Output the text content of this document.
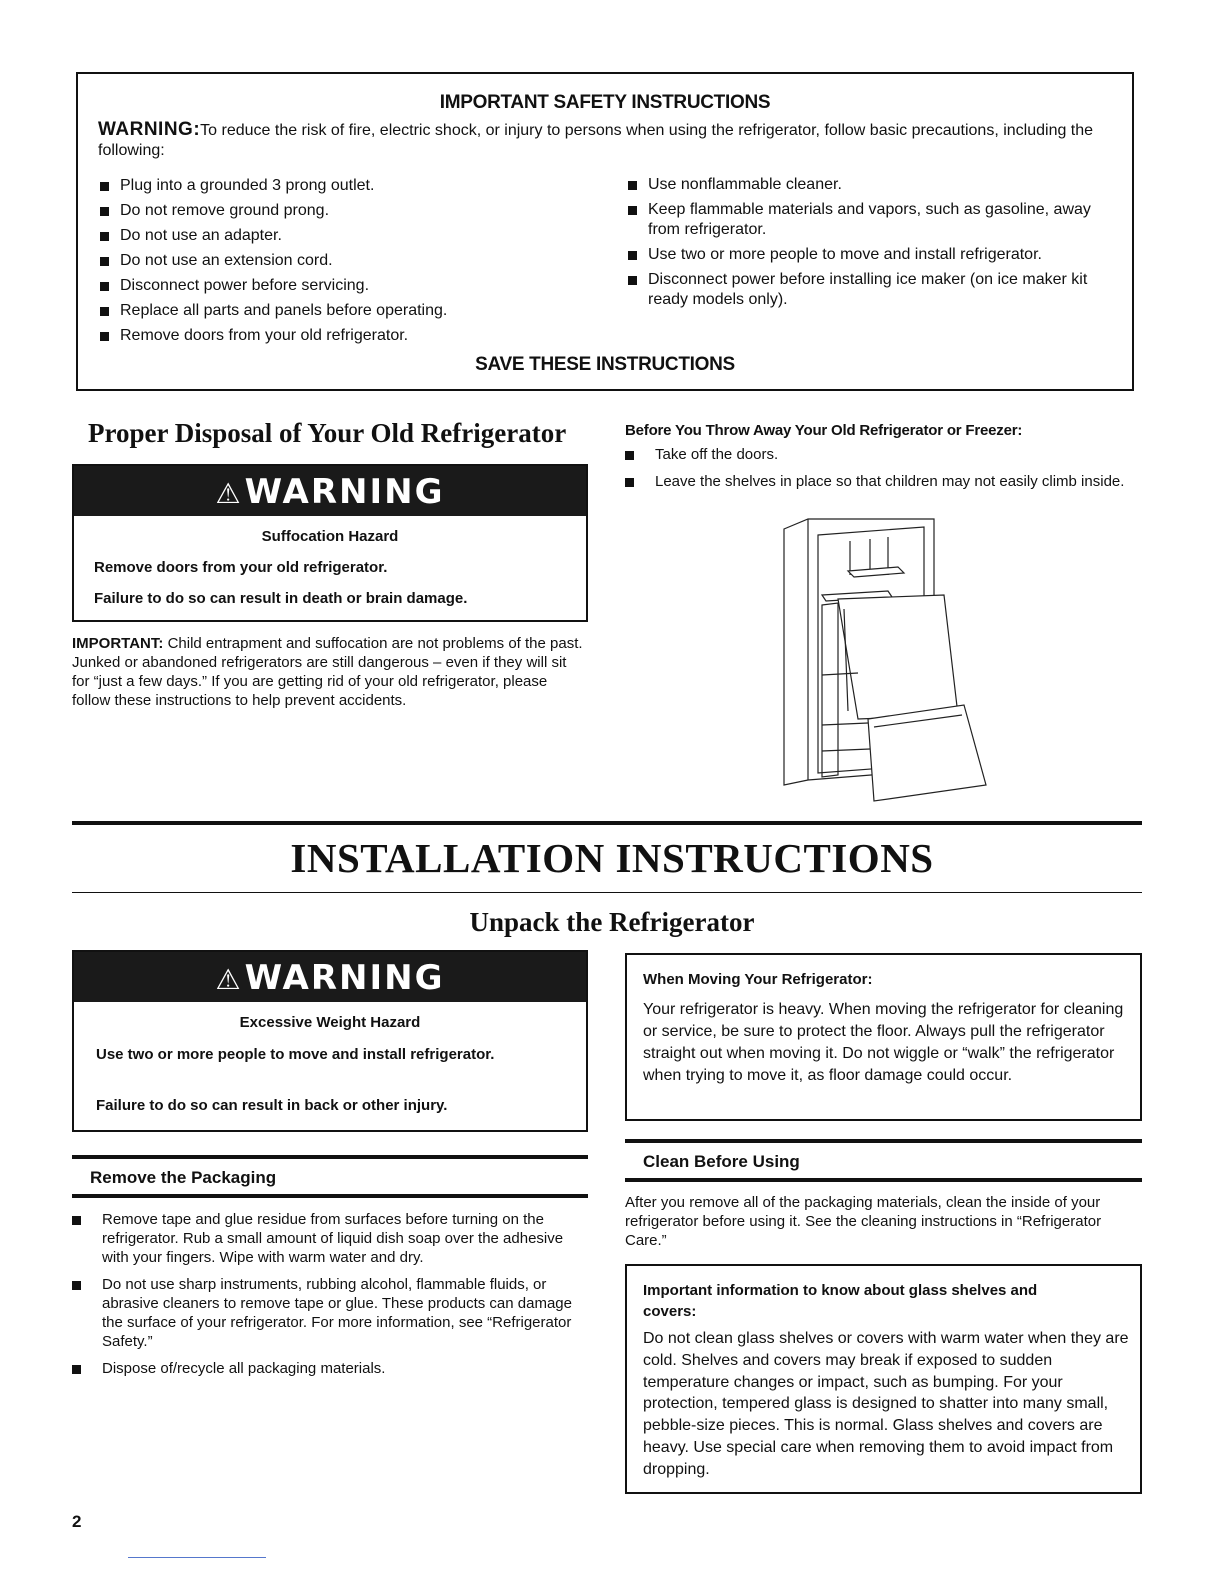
IMPORTANT SAFETY INSTRUCTIONS
WARNING:To reduce the risk of fire, electric shock, or injury to persons when using the refrigerator, follow basic precautions, including the following:
Plug into a grounded 3 prong outlet.
Do not remove ground prong.
Do not use an adapter.
Do not use an extension cord.
Disconnect power before servicing.
Replace all parts and panels before operating.
Remove doors from your old refrigerator.
Use nonflammable cleaner.
Keep flammable materials and vapors, such as gasoline, away from refrigerator.
Use two or more people to move and install refrigerator.
Disconnect power before installing ice maker (on ice maker kit ready models only).
SAVE THESE INSTRUCTIONS
Proper Disposal of Your Old Refrigerator
⚠WARNING
Suffocation Hazard
Remove doors from your old refrigerator.
Failure to do so can result in death or brain damage.
IMPORTANT: Child entrapment and suffocation are not problems of the past. Junked or abandoned refrigerators are still dangerous – even if they will sit for “just a few days.” If you are getting rid of your old refrigerator, please follow these instructions to help prevent accidents.
Before You Throw Away Your Old Refrigerator or Freezer:
Take off the doors.
Leave the shelves in place so that children may not easily climb inside.
INSTALLATION INSTRUCTIONS
Unpack the Refrigerator
⚠WARNING
Excessive Weight Hazard
Use two or more people to move and install refrigerator.
Failure to do so can result in back or other injury.
When Moving Your Refrigerator:
Your refrigerator is heavy. When moving the refrigerator for cleaning or service, be sure to protect the floor. Always pull the refrigerator straight out when moving it. Do not wiggle or “walk” the refrigerator when trying to move it, as floor damage could occur.
Remove the Packaging
Remove tape and glue residue from surfaces before turning on the refrigerator. Rub a small amount of liquid dish soap over the adhesive with your fingers. Wipe with warm water and dry.
Do not use sharp instruments, rubbing alcohol, flammable fluids, or abrasive cleaners to remove tape or glue. These products can damage the surface of your refrigerator. For more information, see “Refrigerator Safety.”
Dispose of/recycle all packaging materials.
Clean Before Using
After you remove all of the packaging materials, clean the inside of your refrigerator before using it. See the cleaning instructions in “Refrigerator Care.”
Important information to know about glass shelves and covers:
Do not clean glass shelves or covers with warm water when they are cold. Shelves and covers may break if exposed to sudden temperature changes or impact, such as bumping. For your protection, tempered glass is designed to shatter into many small, pebble-size pieces. This is normal. Glass shelves and covers are heavy. Use special care when removing them to avoid impact from dropping.
2
